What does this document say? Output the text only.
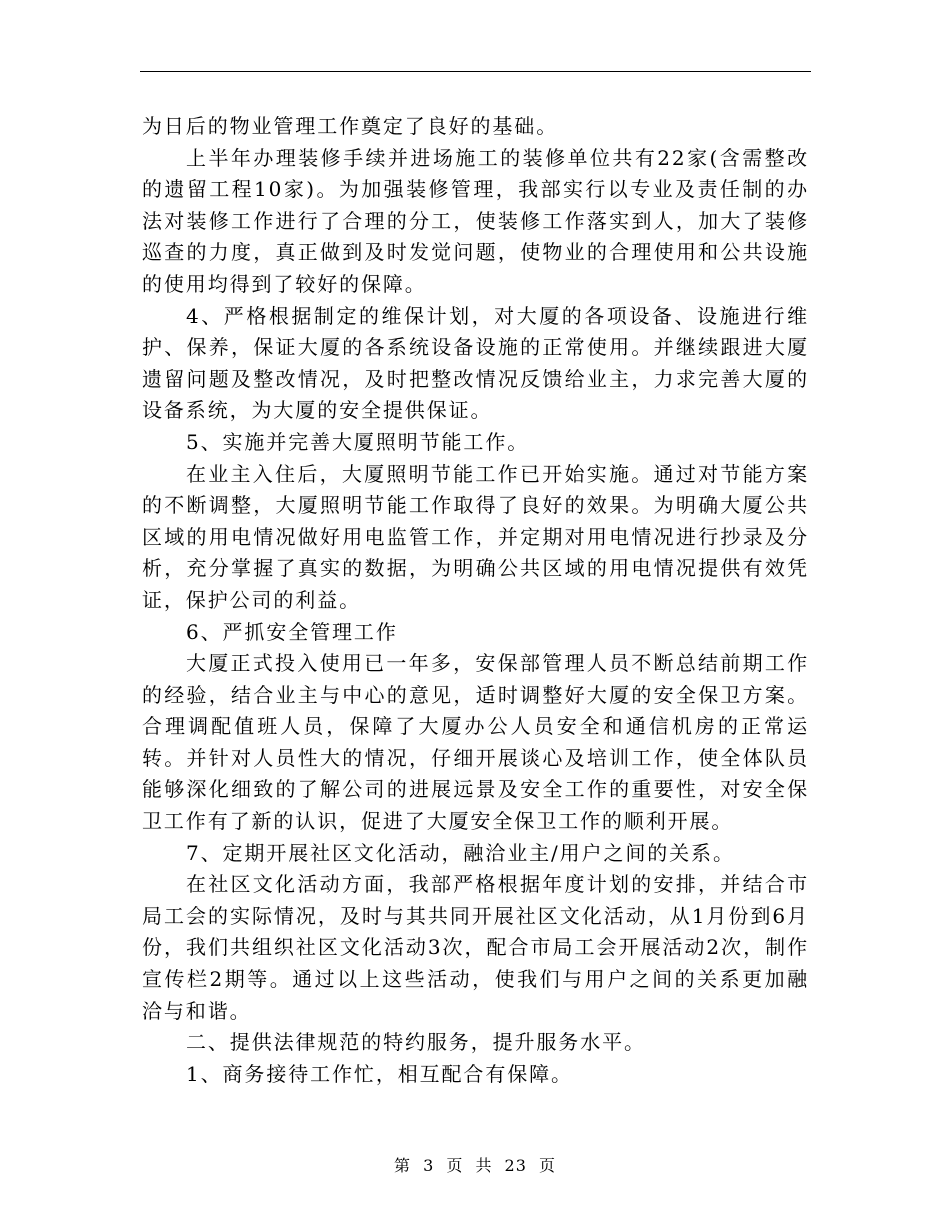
为日后的物业管理工作奠定了良好的基础。

上半年办理装修手续并进场施工的装修单位共有22家(含需整改的遗留工程10家)。为加强装修管理，我部实行以专业及责任制的办法对装修工作进行了合理的分工，使装修工作落实到人，加大了装修巡查的力度，真正做到及时发觉问题，使物业的合理使用和公共设施的使用均得到了较好的保障。

4、严格根据制定的维保计划，对大厦的各项设备、设施进行维护、保养，保证大厦的各系统设备设施的正常使用。并继续跟进大厦遗留问题及整改情况，及时把整改情况反馈给业主，力求完善大厦的设备系统，为大厦的安全提供保证。

5、实施并完善大厦照明节能工作。

在业主入住后，大厦照明节能工作已开始实施。通过对节能方案的不断调整，大厦照明节能工作取得了良好的效果。为明确大厦公共区域的用电情况做好用电监管工作，并定期对用电情况进行抄录及分析，充分掌握了真实的数据，为明确公共区域的用电情况提供有效凭证，保护公司的利益。

6、严抓安全管理工作

大厦正式投入使用已一年多，安保部管理人员不断总结前期工作的经验，结合业主与中心的意见，适时调整好大厦的安全保卫方案。合理调配值班人员，保障了大厦办公人员安全和通信机房的正常运转。并针对人员性大的情况，仔细开展谈心及培训工作，使全体队员能够深化细致的了解公司的进展远景及安全工作的重要性，对安全保卫工作有了新的认识，促进了大厦安全保卫工作的顺利开展。

7、定期开展社区文化活动，融洽业主/用户之间的关系。

在社区文化活动方面，我部严格根据年度计划的安排，并结合市局工会的实际情况，及时与其共同开展社区文化活动，从1月份到6月份，我们共组织社区文化活动3次，配合市局工会开展活动2次，制作宣传栏2期等。通过以上这些活动，使我们与用户之间的关系更加融洽与和谐。

二、提供法律规范的特约服务，提升服务水平。

1、商务接待工作忙，相互配合有保障。

第 3 页 共 23 页
